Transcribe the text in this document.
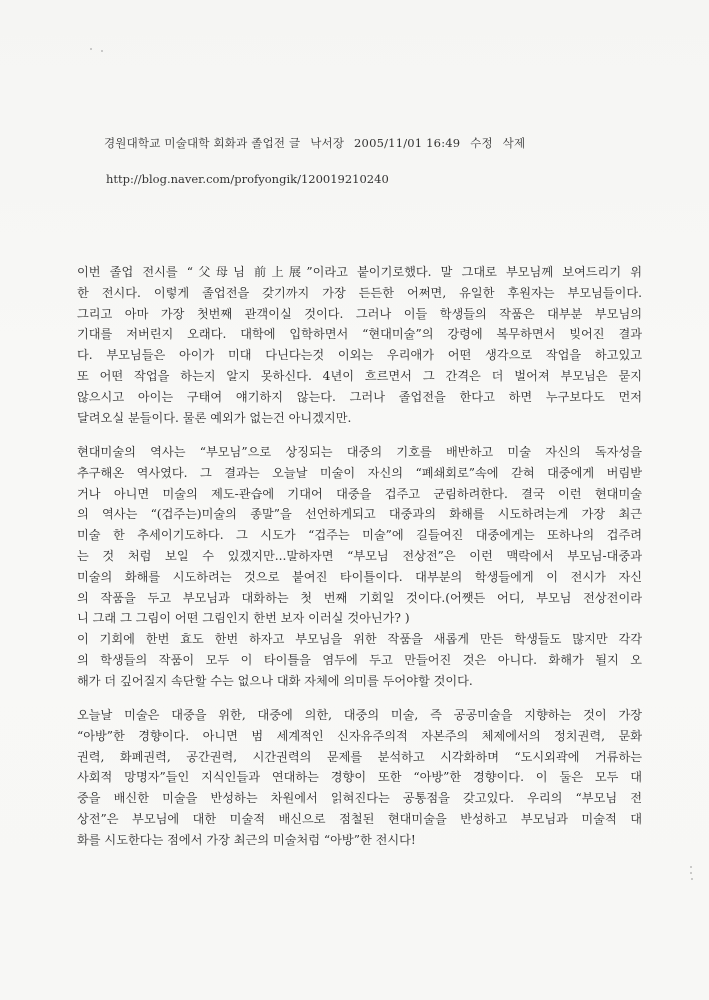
경원대학교 미술대학 회화과 졸업전 글 낙서장 2005/11/01 16:49 수정 삭제
http://blog.naver.com/profyongik/120019210240
이번 졸업 전시를 “父母님 前上展”이라고 붙이기로했다. 말 그대로 부모님께 보여드리기 위
한 전시다. 이렇게 졸업전을 갖기까지 가장 든든한 어쩌면, 유일한 후원자는 부모님들이다.
그리고 아마 가장 첫번째 관객이실 것이다. 그러나 이들 학생들의 작품은 대부분 부모님의
기대를 저버린지 오래다. 대학에 입학하면서 “현대미술”의 강령에 복무하면서 빚어진 결과
다. 부모님들은 아이가 미대 다닌다는것 이외는 우리애가 어떤 생각으로 작업을 하고있고
또 어떤 작업을 하는지 알지 못하신다. 4년이 흐르면서 그 간격은 더 벌어져 부모님은 묻지
않으시고 아이는 구태여 얘기하지 않는다. 그러나 졸업전을 한다고 하면 누구보다도 먼저
달려오실 분들이다. 물론 예외가 없는건 아니겠지만.
현대미술의 역사는 “부모님”으로 상징되는 대중의 기호를 배반하고 미술 자신의 독자성을
추구해온 역사였다. 그 결과는 오늘날 미술이 자신의 “폐쇄회로”속에 갇혀 대중에게 버림받
거나 아니면 미술의 제도-관습에 기대어 대중을 겁주고 군림하려한다. 결국 이런 현대미술
의 역사는 “(겁주는)미술의 종말”을 선언하게되고 대중과의 화해를 시도하려는게 가장 최근
미술 한 추세이기도하다. 그 시도가 “겁주는 미술”에 길들여진 대중에게는 또하나의 겁주려
는 것 처럼 보일 수 있겠지만...말하자면 “부모님 전상전”은 이런 맥락에서 부모님-대중과
미술의 화해를 시도하려는 것으로 붙여진 타이틀이다. 대부분의 학생들에게 이 전시가 자신
의 작품을 두고 부모님과 대화하는 첫 번째 기회일 것이다.(어쨋든 어디, 부모님 전상전이라
니 그래 그 그림이 어떤 그림인지 한번 보자 이러실 것아닌가? )
이 기회에 한번 효도 한번 하자고 부모님을 위한 작품을 새롭게 만든 학생들도 많지만 각각
의 학생들의 작품이 모두 이 타이틀을 염두에 두고 만들어진 것은 아니다. 화해가 될지 오
해가 더 깊어질지 속단할 수는 없으나 대화 자체에 의미를 두어야할 것이다.
오늘날 미술은 대중을 위한, 대중에 의한, 대중의 미술, 즉 공공미술을 지향하는 것이 가장
“아방”한 경향이다. 아니면 범 세계적인 신자유주의적 자본주의 체제에서의 정치권력, 문화
권력, 화폐권력, 공간권력, 시간권력의 문제를 분석하고 시각화하며 “도시외곽에 거류하는
사회적 망명자”들인 지식인들과 연대하는 경향이 또한 “아방”한 경향이다. 이 둘은 모두 대
중을 배신한 미술을 반성하는 차원에서 읽혀진다는 공통점을 갖고있다. 우리의 “부모님 전
상전”은 부모님에 대한 미술적 배신으로 점철된 현대미술을 반성하고 부모님과 미술적 대
화를 시도한다는 점에서 가장 최근의 미술처럼 “아방”한 전시다!
